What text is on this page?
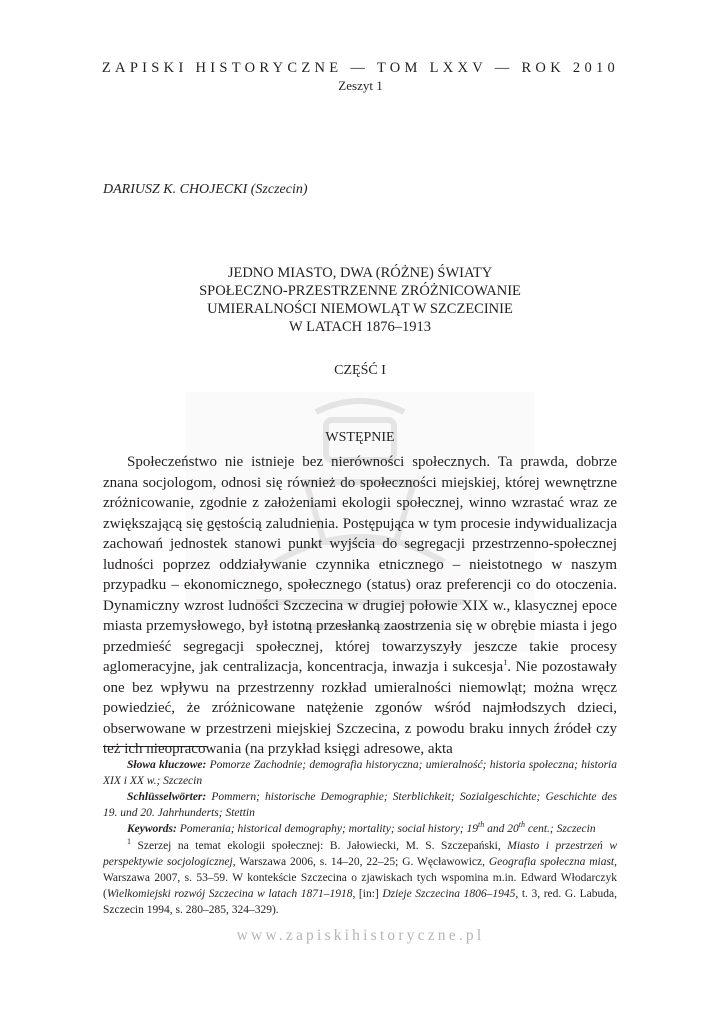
ZAPISKI HISTORYCZNE — TOM LXXV — ROK 2010
Zeszyt 1
DARIUSZ K. CHOJECKI (Szczecin)
JEDNO MIASTO, DWA (RÓŻNE) ŚWIATY
SPOŁECZNO-PRZESTRZENNE ZRÓŻNICOWANIE
UMIERALNOŚCI NIEMOWLĄT W SZCZECINIE
W LATACH 1876–1913
CZĘŚĆ I
WSTĘPNIE

Społeczeństwo nie istnieje bez nierówności społecznych. Ta prawda, dobrze znana socjologom, odnosi się również do społeczności miejskiej, której wewnętrzne zróżnicowanie, zgodnie z założeniami ekologii społecznej, winno wzrastać wraz ze zwiększającą się gęstością zaludnienia. Postępująca w tym procesie indywidualizacja zachowań jednostek stanowi punkt wyjścia do segregacji przestrzenno-społecznej ludności poprzez oddziaływanie czynnika etnicznego – nieistotnego w naszym przypadku – ekonomicznego, społecznego (status) oraz preferencji co do otoczenia. Dynamiczny wzrost ludności Szczecina w drugiej połowie XIX w., klasycznej epoce miasta przemysłowego, był istotną przesłanką zaostrzenia się w obrębie miasta i jego przedmieść segregacji społecznej, której towarzyszyły jeszcze takie procesy aglomeracyjne, jak centralizacja, koncentracja, inwazja i sukcesja$^1$. Nie pozostawały one bez wpływu na przestrzenny rozkład umieralności niemowląt; można wręcz powiedzieć, że zróżnicowane natężenie zgonów wśród najmłodszych dzieci, obserwowane w przestrzeni miejskiej Szczecina, z powodu braku innych źródeł czy też ich nieopracowania (na przykład księgi adresowe, akta

Słowa kluczowe: Pomorze Zachodnie; demografia historyczna; umieralność; historia społeczna; historia XIX i XX w.; Szczecin

Schlüsselwörter: Pommern; historische Demographie; Sterblichkeit; Sozialgeschichte; Geschichte des 19. und 20. Jahrhunderts; Stettin

Keywords: Pomerania; historical demography; mortality; social history; 19th and 20th cent.; Szczecin

$^1$ Szerzej na temat ekologii społecznej: B. Jałowiecki, M. S. Szczepański, Miasto i przestrzeń w perspektywie socjologicznej, Warszawa 2006, s. 14–20, 22–25; G. Węcławowicz, Geografia społeczna miast, Warszawa 2007, s. 53–59. W kontekście Szczecina o zjawiskach tych wspomina m.in. Edward Włodarczyk (Wielkomiejski rozwój Szczecina w latach 1871–1918, [in:] Dzieje Szczecina 1806–1945, t. 3, red. G. Labuda, Szczecin 1994, s. 280–285, 324–329).

www.zapiskihistoryczne.pl
